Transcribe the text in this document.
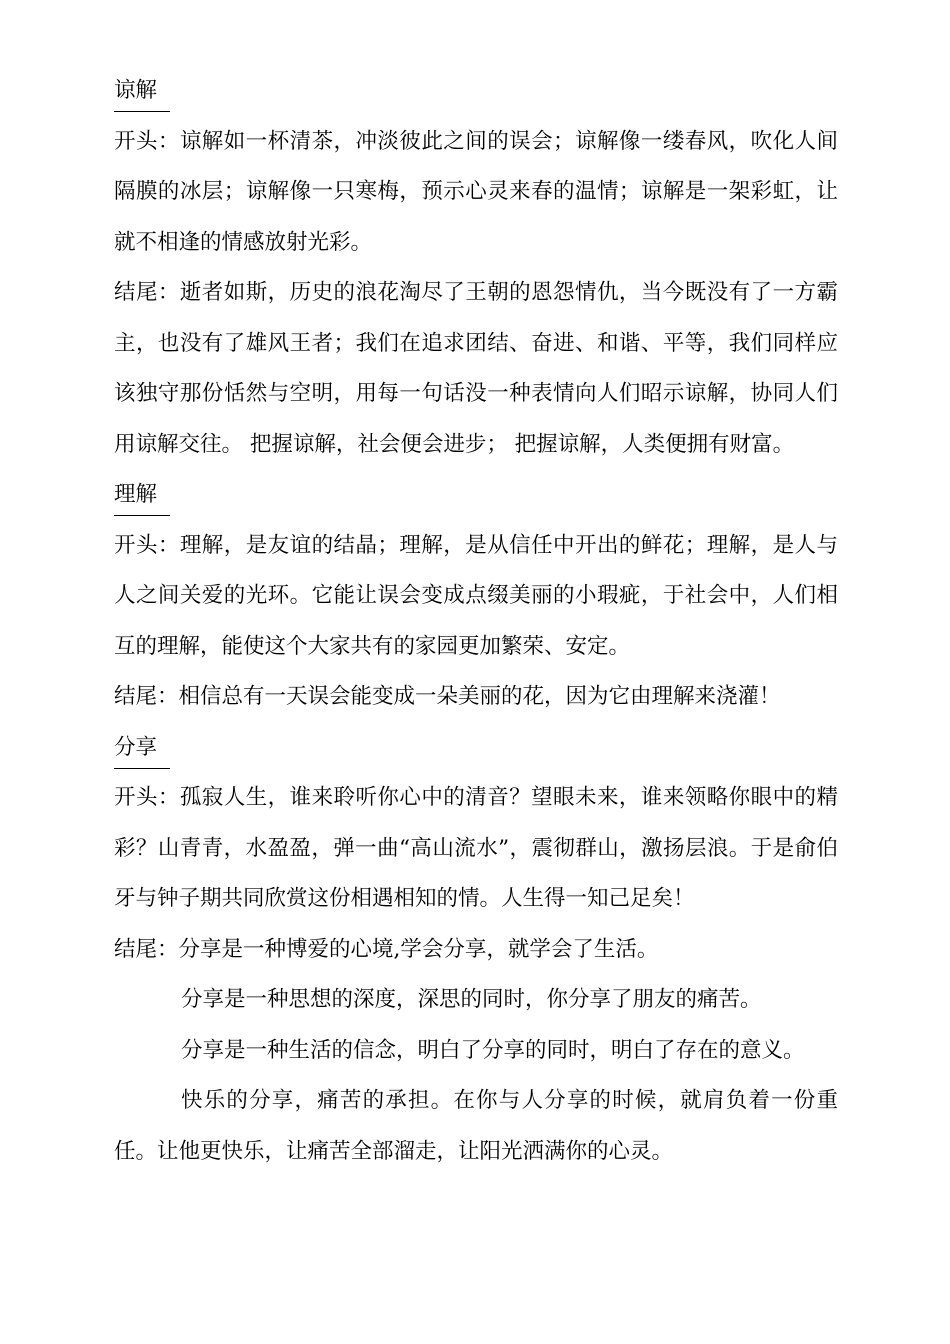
谅解

开头：谅解如一杯清茶，冲淡彼此之间的误会；谅解像一缕春风，吹化人间隔膜的冰层；谅解像一只寒梅，预示心灵来春的温情；谅解是一架彩虹，让就不相逢的情感放射光彩。

结尾：逝者如斯，历史的浪花淘尽了王朝的恩怨情仇，当今既没有了一方霸主，也没有了雄风王者；我们在追求团结、奋进、和谐、平等，我们同样应该独守那份恬然与空明，用每一句话没一种表情向人们昭示谅解，协同人们用谅解交往。 把握谅解，社会便会进步； 把握谅解，人类便拥有财富。

理解

开头：理解，是友谊的结晶；理解，是从信任中开出的鲜花；理解，是人与人之间关爱的光环。它能让误会变成点缀美丽的小瑕疵，于社会中，人们相互的理解，能使这个大家共有的家园更加繁荣、安定。

结尾：相信总有一天误会能变成一朵美丽的花，因为它由理解来浇灌！

分享

开头：孤寂人生，谁来聆听你心中的清音？望眼未来，谁来领略你眼中的精彩？山青青，水盈盈，弹一曲“高山流水”，震彻群山，激扬层浪。于是俞伯牙与钟子期共同欣赏这份相遇相知的情。人生得一知己足矣！

结尾：分享是一种博爱的心境,学会分享，就学会了生活。

分享是一种思想的深度，深思的同时，你分享了朋友的痛苦。

分享是一种生活的信念，明白了分享的同时，明白了存在的意义。

快乐的分享，痛苦的承担。在你与人分享的时候，就肩负着一份重任。让他更快乐，让痛苦全部溜走，让阳光洒满你的心灵。
